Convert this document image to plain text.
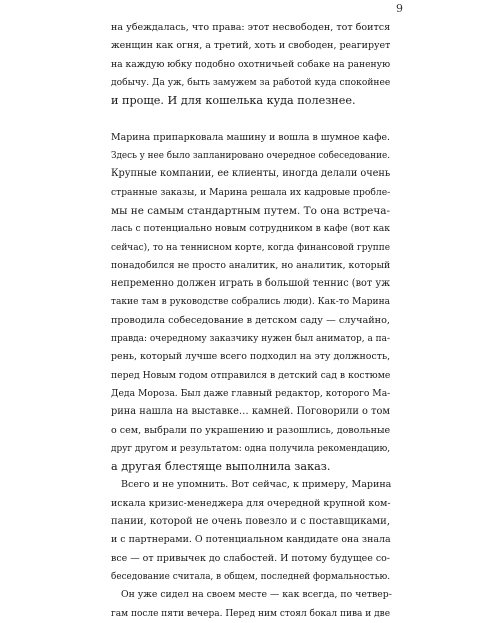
9

на убеждалась, что права: этот несвободен, тот боится
женщин как огня, а третий, хоть и свободен, реагирует
на каждую юбку подобно охотничьей собаке на раненую
добычу. Да уж, быть замужем за работой куда спокойнее
и проще. И для кошелька куда полезнее.

Марина припарковала машину и вошла в шумное кафе.
Здесь у нее было запланировано очередное собеседование.
Крупные компании, ее клиенты, иногда делали очень
странные заказы, и Марина решала их кадровые пробле-
мы не самым стандартным путем. То она встреча-
лась с потенциально новым сотрудником в кафе (вот как
сейчас), то на теннисном корте, когда финансовой группе
понадобился не просто аналитик, но аналитик, который
непременно должен играть в большой теннис (вот уж
такие там в руководстве собрались люди). Как-то Марина
проводила собеседование в детском саду — случайно,
правда: очередному заказчику нужен был аниматор, а па-
рень, который лучше всего подходил на эту должность,
перед Новым годом отправился в детский сад в костюме
Деда Мороза. Был даже главный редактор, которого Ма-
рина нашла на выставке… камней. Поговорили о том
о сем, выбрали по украшению и разошлись, довольные
друг другом и результатом: одна получила рекомендацию,
а другая блестяще выполнила заказ.

Всего и не упомнить. Вот сейчас, к примеру, Марина
искала кризис-менеджера для очередной крупной ком-
пании, которой не очень повезло и с поставщиками,
и с партнерами. О потенциальном кандидате она знала
все — от привычек до слабостей. И потому будущее со-
беседование считала, в общем, последней формальностью.

Он уже сидел на своем месте — как всегда, по четвер-
гам после пяти вечера. Перед ним стоял бокал пива и две
